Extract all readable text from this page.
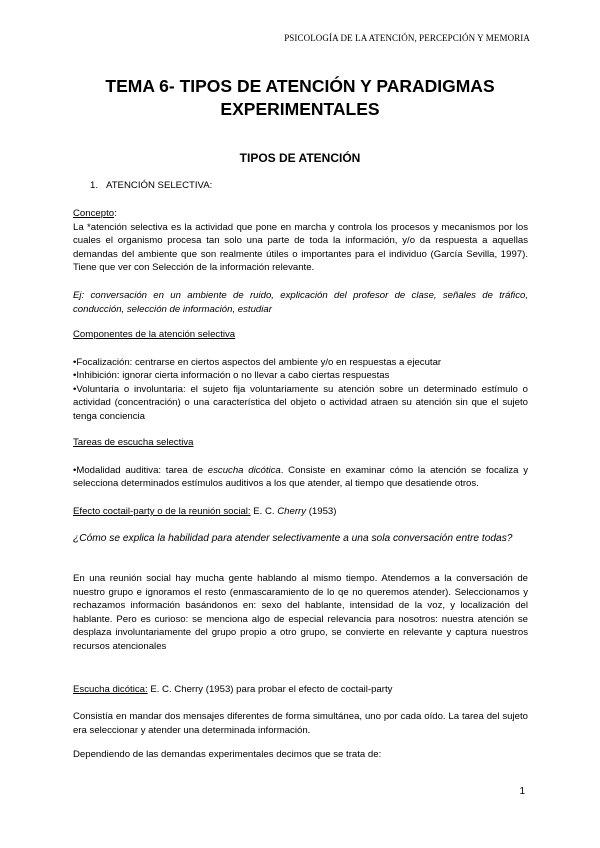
PSICOLOGÍA DE LA ATENCIÓN, PERCEPCIÓN Y MEMORIA
TEMA 6- TIPOS DE ATENCIÓN Y PARADIGMAS
EXPERIMENTALES
TIPOS DE ATENCIÓN
1. ATENCIÓN SELECTIVA:

Concepto:

La *atención selectiva es la actividad que pone en marcha y controla los procesos y mecanismos por los cuales el organismo procesa tan solo una parte de toda la información, y/o da respuesta a aquellas demandas del ambiente que son realmente útiles o importantes para el individuo (García Sevilla, 1997). Tiene que ver con Selección de la información relevante.

Ej: conversación en un ambiente de ruido, explicación del profesor de clase, señales de tráfico, conducción, selección de información, estudiar

Componentes de la atención selectiva

•Focalización: centrarse en ciertos aspectos del ambiente y/o en respuestas a ejecutar

•Inhibición: ignorar cierta información o no llevar a cabo ciertas respuestas

•Voluntaria o involuntaria: el sujeto fija voluntariamente su atención sobre un determinado estímulo o actividad (concentración) o una característica del objeto o actividad atraen su atención sin que el sujeto tenga conciencia

Tareas de escucha selectiva

•Modalidad auditiva: tarea de escucha dicótica. Consiste en examinar cómo la atención se focaliza y selecciona determinados estímulos auditivos a los que atender, al tiempo que desatiende otros.

Efecto coctail-party o de la reunión social: E. C. Cherry (1953)

¿Cómo se explica la habilidad para atender selectivamente a una sola conversación entre todas?
En una reunión social hay mucha gente hablando al mismo tiempo. Atendemos a la conversación de nuestro grupo e ignoramos el resto (enmascaramiento de lo qe no queremos atender). Seleccionamos y rechazamos información basándonos en: sexo del hablante, intensidad de la voz, y localización del hablante. Pero es curioso: se menciona algo de especial relevancia para nosotros: nuestra atención se desplaza involuntariamente del grupo propio a otro grupo, se convierte en relevante y captura nuestros recursos atencionales

Escucha dicótica: E. C. Cherry (1953) para probar el efecto de coctail-party

Consistía en mandar dos mensajes diferentes de forma simultánea, uno por cada oído. La tarea del sujeto era seleccionar y atender una determinada información.
Dependiendo de las demandas experimentales decimos que se trata de:
1
